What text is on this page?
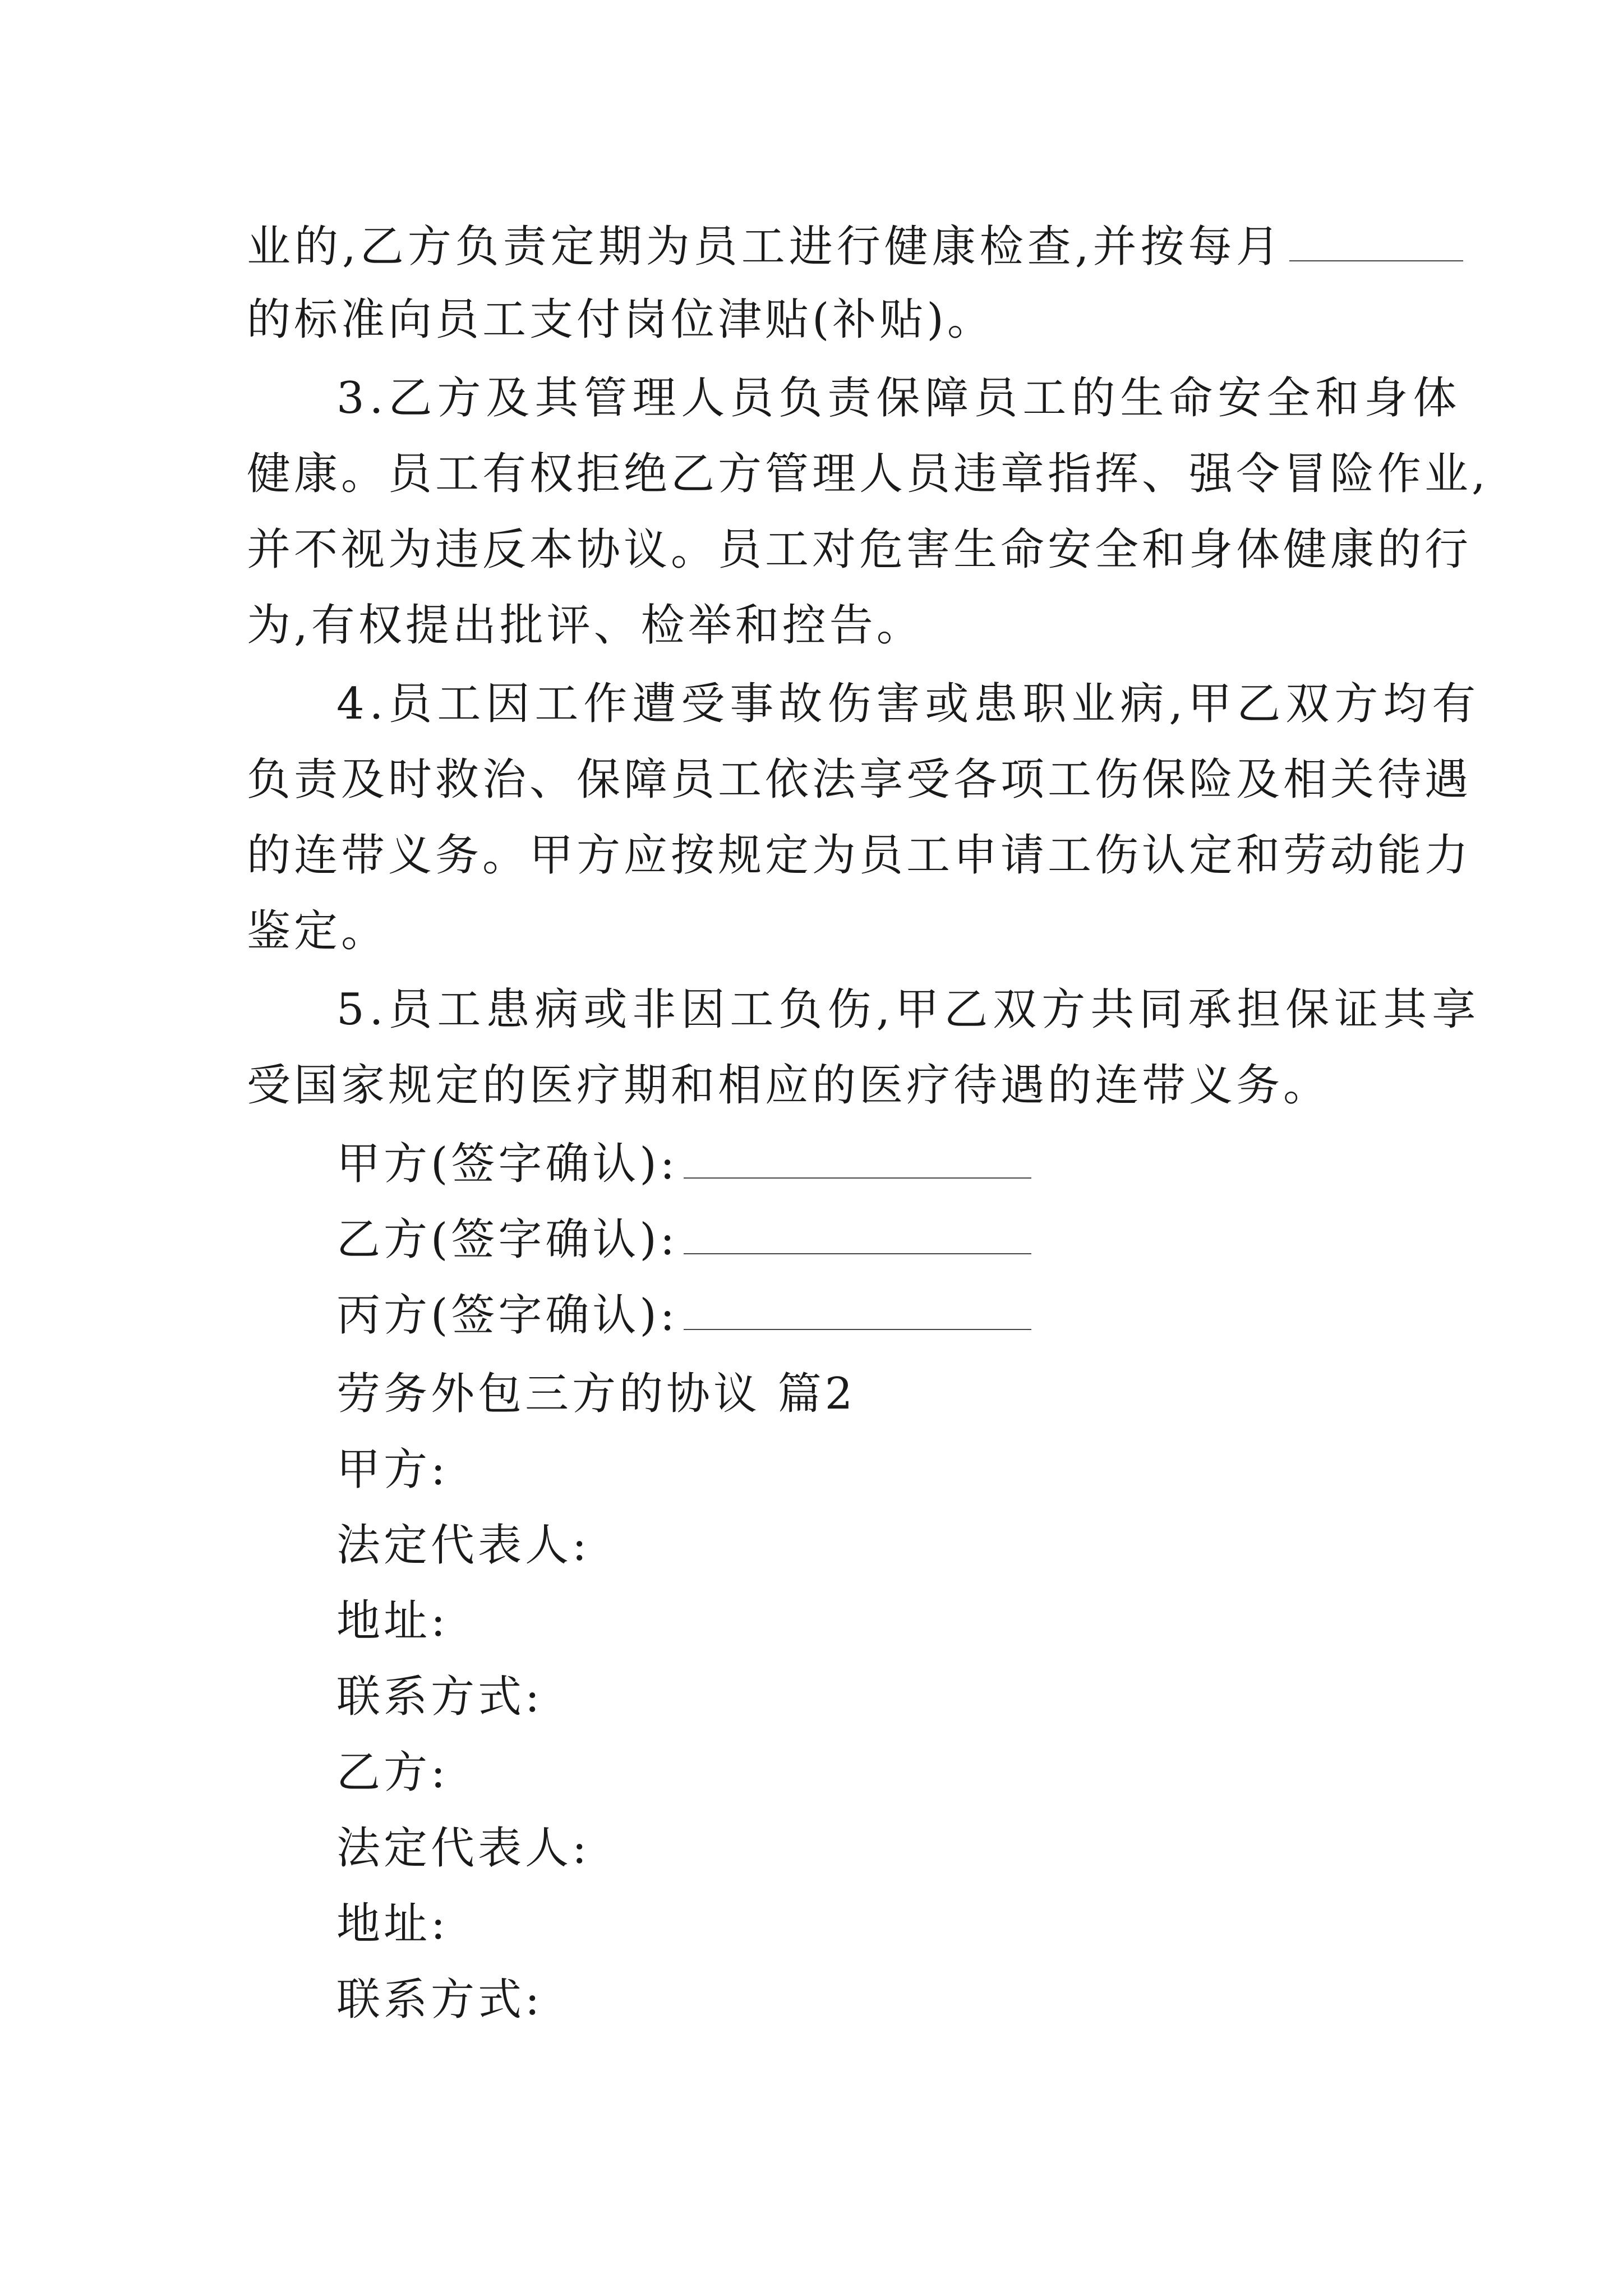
业的,乙方负责定期为员工进行健康检查,并按每月
的标准向员工支付岗位津贴(补贴)。
3.乙方及其管理人员负责保障员工的生命安全和身体
健康。员工有权拒绝乙方管理人员违章指挥、强令冒险作业,
并不视为违反本协议。员工对危害生命安全和身体健康的行
为,有权提出批评、检举和控告。
4.员工因工作遭受事故伤害或患职业病,甲乙双方均有
负责及时救治、保障员工依法享受各项工伤保险及相关待遇
的连带义务。甲方应按规定为员工申请工伤认定和劳动能力
鉴定。
5.员工患病或非因工负伤,甲乙双方共同承担保证其享
受国家规定的医疗期和相应的医疗待遇的连带义务。
甲方(签字确认):
乙方(签字确认):
丙方(签字确认):
劳务外包三方的协议 篇2
甲方:
法定代表人:
地址:
联系方式:
乙方:
法定代表人:
地址:
联系方式:
